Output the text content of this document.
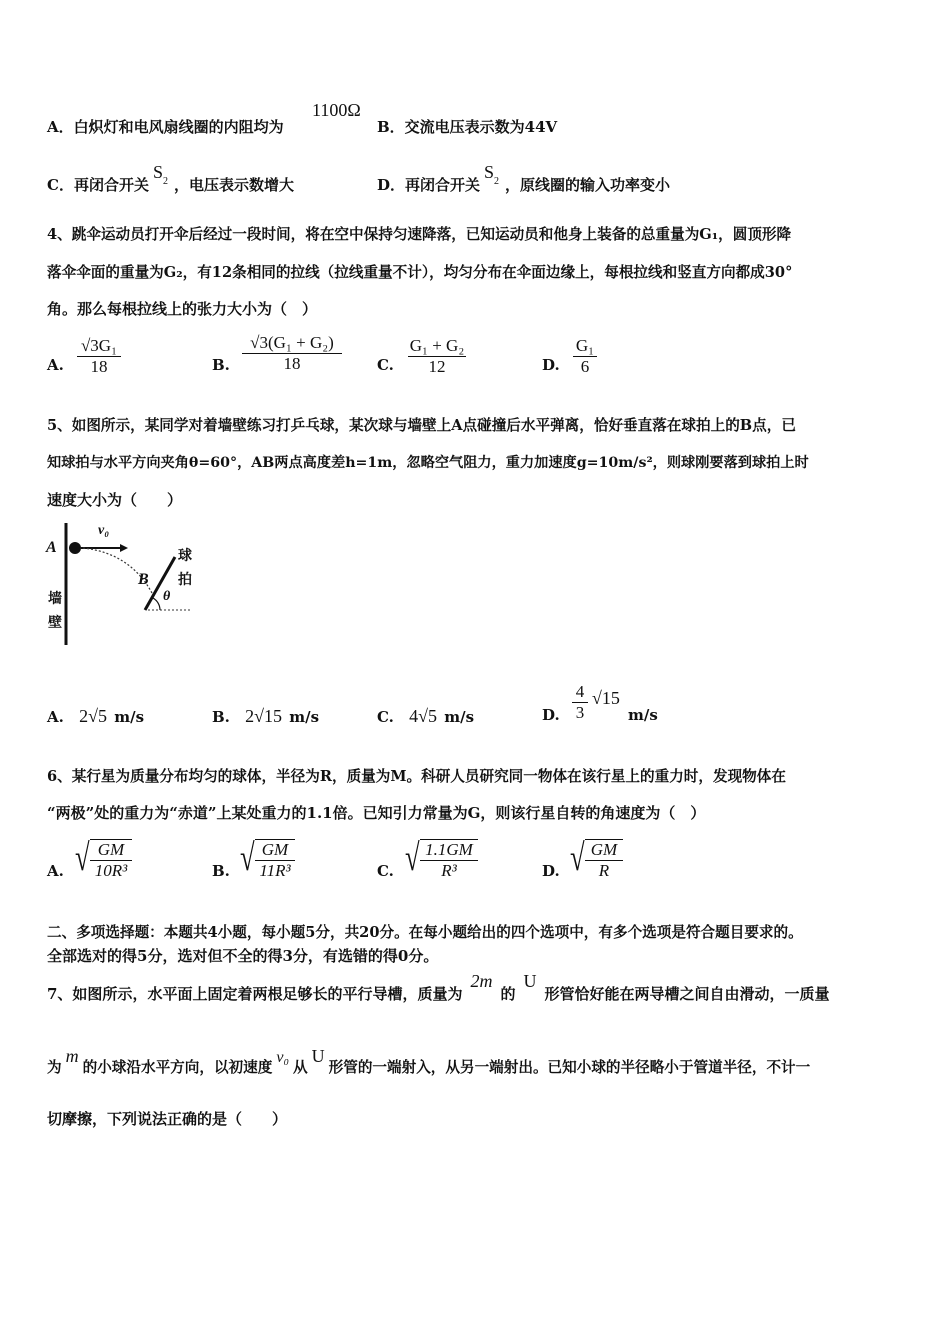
A．白炽灯和电风扇线圈的内阻均为
1100Ω
B．交流电压表示数为44V
C．再闭合开关$S^2$ ，电压表示数增大	D．再闭合开关$S^2$ ，原线圈的输入功率变小
4、跳伞运动员打开伞后经过一段时间，将在空中保持匀速降落，已知运动员和他身上装备的总重量为G₁，圆顶形降
落伞伞面的重量为G₂，有12条相同的拉线（拉线重量不计），均匀分布在伞面边缘上，每根拉线和竖直方向都成30°
角。那么每根拉线上的张力大小为（　）
A.
√3G₁
18	B.
√3(G₁ + G₂)
18	C.
G₁ + G₂
12	D.
G₁
6
5、如图所示，某同学对着墙壁练习打乒乓球，某次球与墙壁上A点碰撞后水平弹离，恰好垂直落在球拍上的B点，已
知球拍与水平方向夹角θ=60°，AB两点高度差h=1m，忽略空气阻力，重力加速度g=10m/s²，则球刚要落到球拍上时
速度大小为（　　）
A
v₀
B
θ
墙
壁
球
拍
A. 2√5 m/s	B. 2√15 m/s	C. 4√5 m/s	D.
4
3
√15
m/s
6、某行星为质量分布均匀的球体，半径为R，质量为M。科研人员研究同一物体在该行星上的重力时，发现物体在
“两极”处的重力为“赤道”上某处重力的1.1倍。已知引力常量为G，则该行星自转的角速度为（　）
A. √ GM
10R³	B. √ GM
11R³	C. √ 1.1GM
R³	D. √ GM
R
二、多项选择题：本题共4小题，每小题5分，共20分。在每小题给出的四个选项中，有多个选项是符合题目要求的。
全部选对的得5分，选对但不全的得3分，有选错的得0分。
7、如图所示，水平面上固定着两根足够长的平行导槽，质量为2m的U形管恰好能在两导槽之间自由滑动，一质量
为m的小球沿水平方向，以初速度v₀从U形管的一端射入，从另一端射出。已知小球的半径略小于管道半径，不计一
切摩擦，下列说法正确的是（　　）
